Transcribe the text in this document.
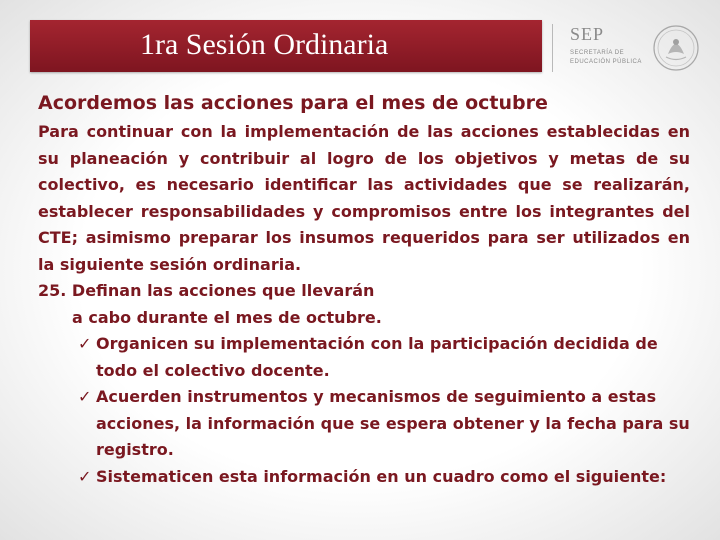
1ra Sesión Ordinaria	SEP
SECRETARÍA DE
EDUCACIÓN PÚBLICA
Acordemos las acciones para el mes de octubre

Para continuar con la implementación de las acciones establecidas en su planeación y contribuir al logro de los objetivos y metas de su colectivo, es necesario identificar las actividades que se realizarán, establecer responsabilidades y compromisos entre los integrantes del CTE; asimismo preparar los insumos requeridos para ser utilizados en la siguiente sesión ordinaria.

25. Definan las acciones que llevarán

a cabo durante el mes de octubre.

✓ Organicen su implementación con la participación decidida de todo el colectivo docente.
✓ Acuerden instrumentos y mecanismos de seguimiento a estas acciones, la información que se espera obtener y la fecha para su registro.
✓ Sistematicen esta información en un cuadro como el siguiente:
